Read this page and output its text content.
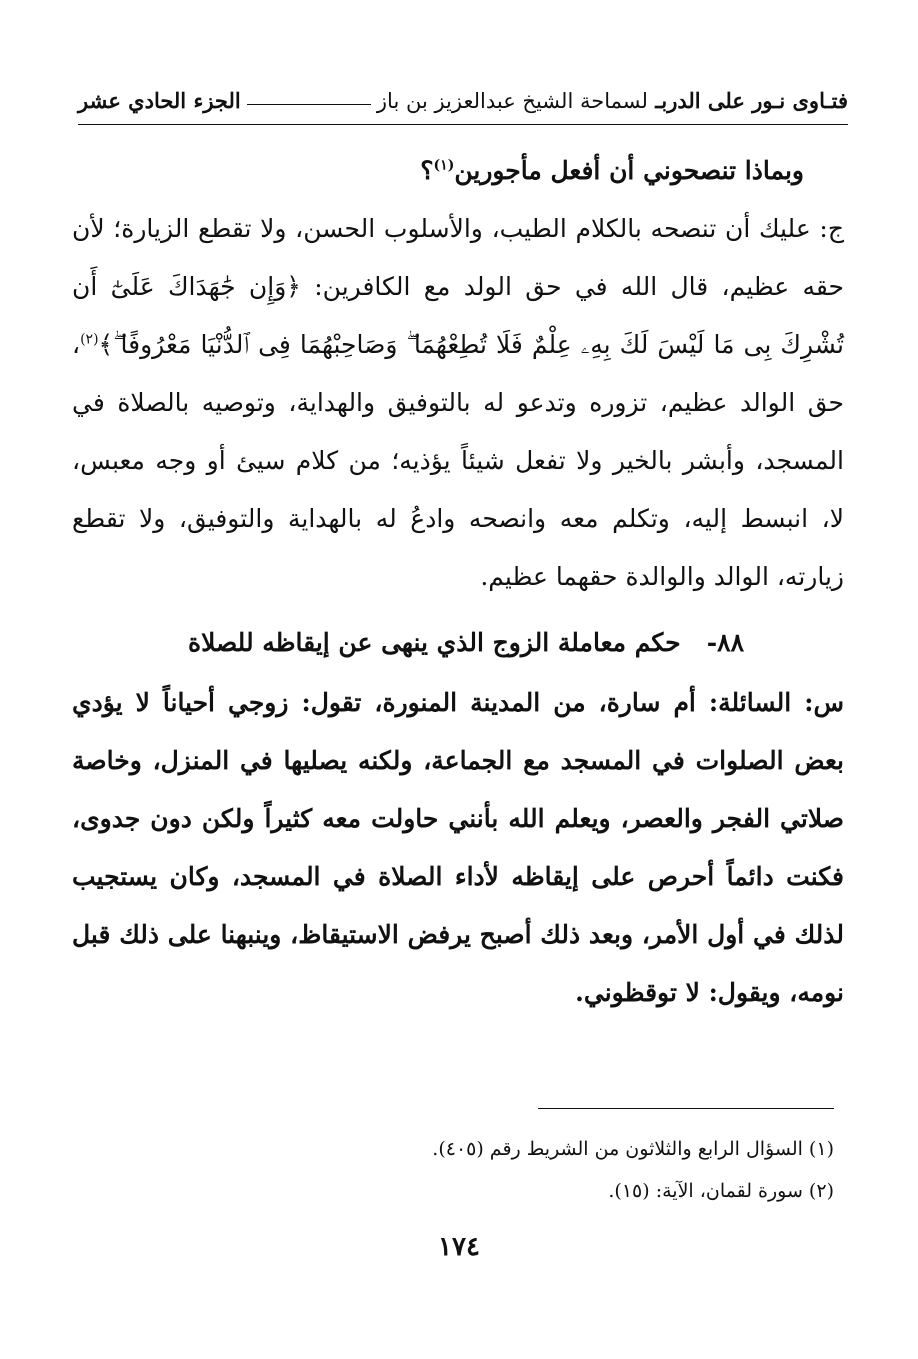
فتـاوى نـور على الدربـ لسماحة الشيخ عبدالعزيز بن باز
الجزء الحادي عشر

وبماذا تنصحوني أن أفعل مأجورين$^{(١)}$؟

ج: عليك أن تنصحه بالكلام الطيب، والأسلوب الحسن، ولا تقطع الزيارة؛ لأن حقه عظيم، قال الله في حق الولد مع الكافرين: ﴿وَإِن جَٰهَدَاكَ عَلَىٰٓ أَن تُشْرِكَ بِى مَا لَيْسَ لَكَ بِهِۦ عِلْمٌ فَلَا تُطِعْهُمَا ۖ وَصَاحِبْهُمَا فِى ٱلدُّنْيَا مَعْرُوفًا ۖ﴾$^{(٢)}$، حق الوالد عظيم، تزوره وتدعو له بالتوفيق والهداية، وتوصيه بالصلاة في المسجد، وأبشر بالخير ولا تفعل شيئاً يؤذيه؛ من كلام سيئ أو وجه معبس، لا، انبسط إليه، وتكلم معه وانصحه وادعُ له بالهداية والتوفيق، ولا تقطع زيارته، الوالد والوالدة حقهما عظيم.

٨٨-   حكم معاملة الزوج الذي ينهى عن إيقاظه للصلاة

س: السائلة: أم سارة، من المدينة المنورة، تقول: زوجي أحياناً لا يؤدي بعض الصلوات في المسجد مع الجماعة، ولكنه يصليها في المنزل، وخاصة صلاتي الفجر والعصر، ويعلم الله بأنني حاولت معه كثيراً ولكن دون جدوى، فكنت دائماً أحرص على إيقاظه لأداء الصلاة في المسجد، وكان يستجيب لذلك في أول الأمر، وبعد ذلك أصبح يرفض الاستيقاظ، وينبهنا على ذلك قبل نومه، ويقول: لا توقظوني.

(١) السؤال الرابع والثلاثون من الشريط رقم (٤٠٥).

(٢) سورة لقمان، الآية: (١٥).

١٧٤
